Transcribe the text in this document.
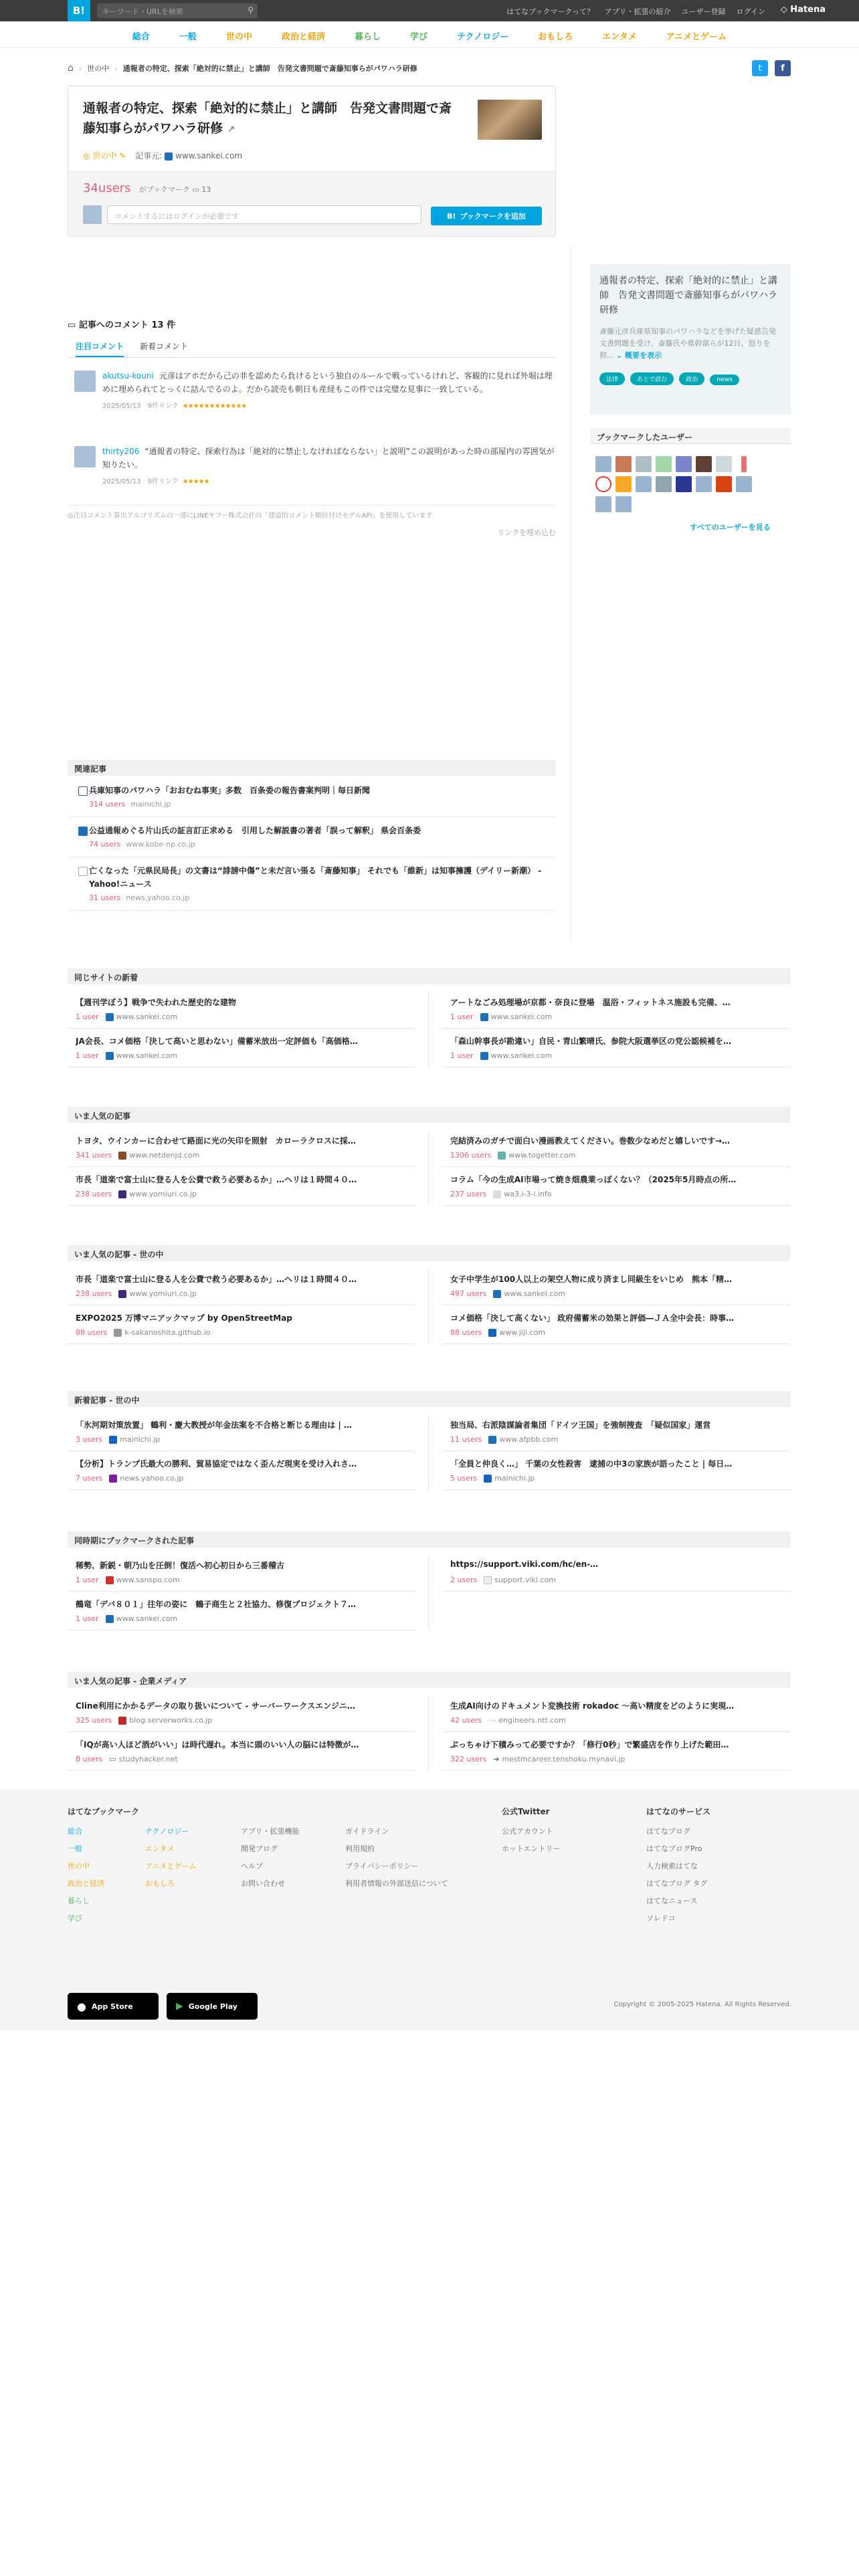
B!	キーワード・URLを検索	⚲	はてなブックマークって？ アプリ・拡張の紹介 ユーザー登録 ログイン ◇ Hatena
総合	一般	世の中	政治と経済	暮らし	学び	テクノロジー	おもしろ	エンタメ	アニメとゲーム
⌂ › 世の中 › 通報者の特定、探索「絶対的に禁止」と講師　告発文書問題で斎藤知事らがパワハラ研修	t	f
通報者の特定、探索「絶対的に禁止」と講師　告発文書問題で斎藤知事らがパワハラ研修 ↗
◎ 世の中 ✎ 記事元: www.sankei.com
34users がブックマーク ▭ 13
コメントするにはログインが必要です	B! ブックマークを追加
通報者の特定、探索「絶対的に禁止」と講師　告発文書問題で斎藤知事らがパワハラ研修
斎藤元彦兵庫県知事のパワハラなどを挙げた疑惑告発文書問題を受け、斎藤氏や県幹部らが12日、怒りを抑... ⌄ 概要を表示
法律	あとで読む	政治	news
ブックマークしたユーザー
すべてのユーザーを見る
▭ 記事へのコメント 13 件
注目コメント 新着コメント
akutsu-kouni 元彦はアホだから己の非を認めたら負けるという独自のルールで戦っているけれど、客観的に見れば外堀は埋めに埋められてとっくに詰んでるのよ。だから読売も朝日も産経もこの件では完璧な見事に一致している。
2025/05/13　 9件リンク ★★★★★★★★★★★★
thirty206 “通報者の特定、探索行為は「絶対的に禁止しなければならない」と説明”この説明があった時の部屋内の雰囲気が知りたい。
2025/05/13　 9件リンク ★★★★★
◎注目コメント算出アルゴリズムの一部にLINEヤフー株式会社の「建設的コメント順位付けモデルAPI」を使用しています
リンクを埋め込む
関連記事
兵庫知事のパワハラ「おおむね事実」多数　百条委の報告書案判明｜毎日新聞
314 users mainichi.jp
公益通報めぐる片山氏の証言訂正求める　引用した解説書の著者「誤って解釈」 県会百条委
74 users www.kobe-np.co.jp
亡くなった「元県民局長」の文書は“誹謗中傷”と未だ言い張る「斎藤知事」 それでも「維新」は知事擁護（デイリー新潮） - Yahoo!ニュース
31 users news.yahoo.co.jp
同じサイトの新着
【週刊学ぼう】戦争で失われた歴史的な建物
1 user www.sankei.com
アートなごみ処理場が京都・奈良に登場　温浴・フィットネス施設も完備、…
1 user www.sankei.com
JA会長、コメ価格「決して高いと思わない」備蓄米放出一定評価も「高価格…
1 user www.sankei.com
「森山幹事長が勘違い」自民・青山繁晴氏、参院大阪選挙区の党公認候補を…
1 user www.sankei.com
いま人気の記事
トヨタ、ウインカーに合わせて路面に光の矢印を照射　カローラクロスに採…
341 users www.netdenjd.com
完結済みのガチで面白い漫画教えてください。巻数少なめだと嬉しいです→…
1306 users www.togetter.com
市長「道楽で富士山に登る人を公費で救う必要あるか」…ヘリは１時間４０…
238 users www.yomiuri.co.jp
コラム「今の生成AI市場って焼き畑農業っぽくない？（2025年5月時点の所…
237 users wa3.i-3-i.info
いま人気の記事 - 世の中
市長「道楽で富士山に登る人を公費で救う必要あるか」…ヘリは１時間４０…
238 users www.yomiuri.co.jp
女子中学生が100人以上の架空人物に成り済まし同級生をいじめ　熊本「精…
497 users www.sankei.com
EXPO2025 万博マニアックマップ by OpenStreetMap
88 users k-sakanoshita.github.io
コメ価格「決して高くない」 政府備蓄米の効果と評価―ＪＡ全中会長：時事…
88 users www.jiji.com
新着記事 - 世の中
「氷河期対策放置」 鶴利・慶大教授が年金法案を不合格と断じる理由は | …
3 users mainichi.jp
独当局、右派陰謀論者集団「ドイツ王国」を強制捜査　「疑似国家」運営
11 users www.afpbb.com
【分析】トランプ氏最大の勝利、貿易協定ではなく歪んだ現実を受け入れさ…
7 users news.yahoo.co.jp
「全員と仲良く…」 千葉の女性殺害　逮捕の中3の家族が語ったこと | 毎日…
5 users mainichi.jp
同時期にブックマークされた記事
稀勢、新鋭・朝乃山を圧倒！復活へ初心初日から三番稽古
1 user www.sanspo.com
https://support.viki.com/hc/en-…
2 users support.viki.com
鵺竜「デバ８０１」往年の姿に　鶴子商生と２社協力、修復プロジェクト７…
1 user www.sankei.com
いま人気の記事 - 企業メディア
Cline利用にかかるデータの取り扱いについて - サーバーワークスエンジニ…
325 users blog.serverworks.co.jp
生成AI向けのドキュメント変換技術 rokadoc ～高い精度をどのように実現…
42 users ⋯ engineers.ntt.com
「IQが高い人ほど酒がいい」は時代遅れ。本当に頭のいい人の脳には特徴が…
8 users ▭ studyhacker.net
ぷっちゃけ下積みって必要ですか？「修行0秒」で繁盛店を作り上げた範田…
322 users ➜ mestmcareer.tenshoku.mynavi.jp
はてなブックマーク
総合
一般
世の中
政治と経済
暮らし
学び
テクノロジー
エンタメ
アニメとゲーム
おもしろ
アプリ・拡張機能
開発ブログ
ヘルプ
お問い合わせ
ガイドライン
利用規約
プライバシーポリシー
利用者情報の外部送信について
公式Twitter
公式アカウント
ホットエントリー
はてなのサービス
はてなブログ
はてなブログPro
人力検索はてな
はてなブログ タグ
はてなニュース
ソレドコ
● App Store	▶ Google Play	Copyright © 2005-2025 Hatena. All Rights Reserved.
